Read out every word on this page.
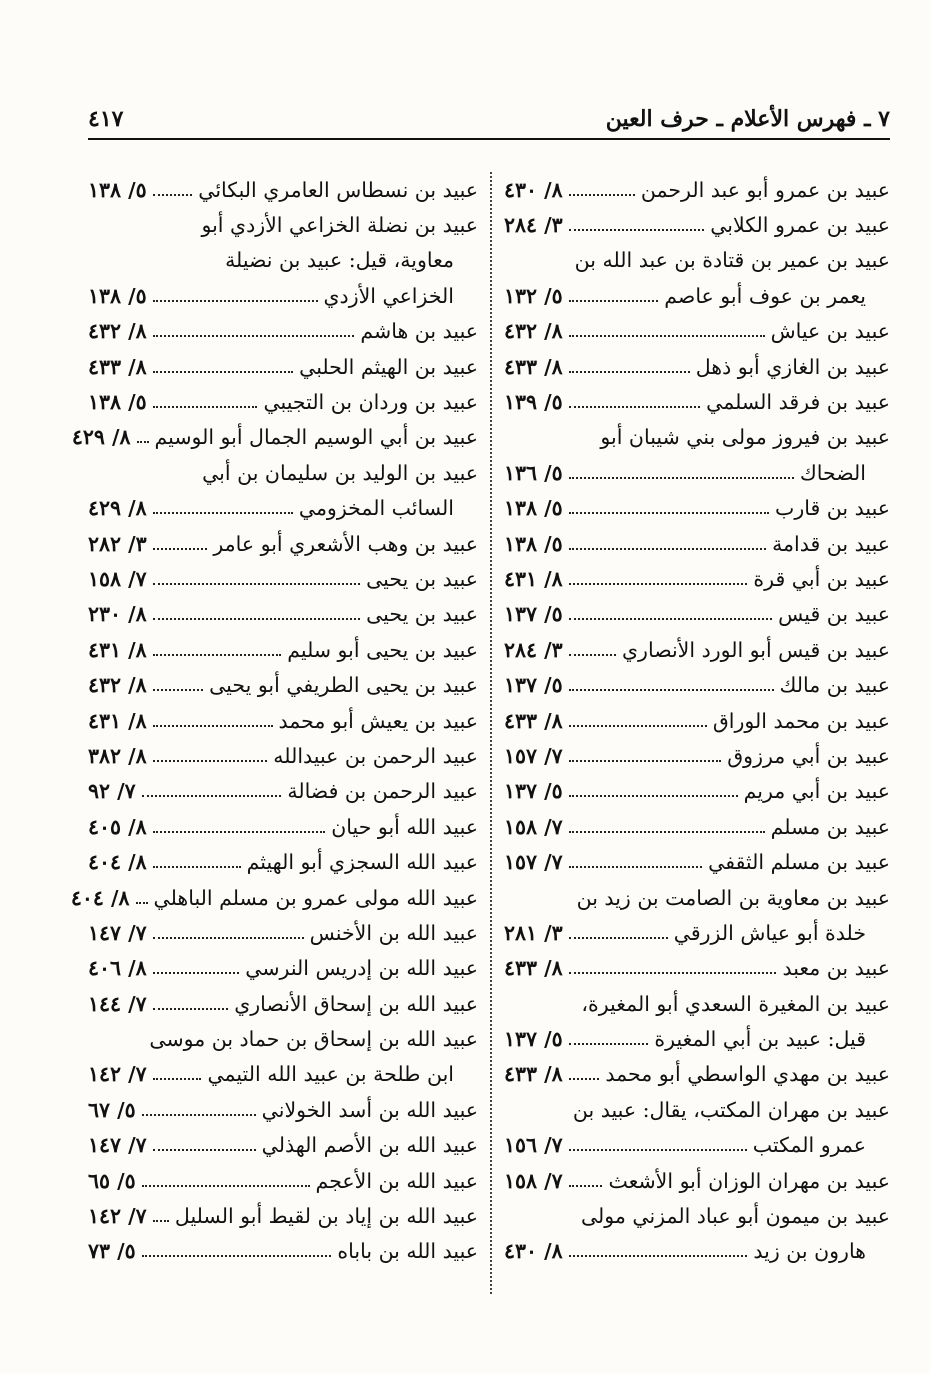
٧ ـ فهرس الأعلام ـ حرف العين
٤١٧
عبيد بن عمرو أبو عبد الرحمن
٨/ ٤٣٠
عبيد بن عمرو الكلابي
٣/ ٢٨٤
عبيد بن عمير بن قتادة بن عبد الله بن
يعمر بن عوف أبو عاصم
٥/ ١٣٢
عبيد بن عياش
٨/ ٤٣٢
عبيد بن الغازي أبو ذهل
٨/ ٤٣٣
عبيد بن فرقد السلمي
٥/ ١٣٩
عبيد بن فيروز مولى بني شيبان أبو
الضحاك
٥/ ١٣٦
عبيد بن قارب
٥/ ١٣٨
عبيد بن قدامة
٥/ ١٣٨
عبيد بن أبي قرة
٨/ ٤٣١
عبيد بن قيس
٥/ ١٣٧
عبيد بن قيس أبو الورد الأنصاري
٣/ ٢٨٤
عبيد بن مالك
٥/ ١٣٧
عبيد بن محمد الوراق
٨/ ٤٣٣
عبيد بن أبي مرزوق
٧/ ١٥٧
عبيد بن أبي مريم
٥/ ١٣٧
عبيد بن مسلم
٧/ ١٥٨
عبيد بن مسلم الثقفي
٧/ ١٥٧
عبيد بن معاوية بن الصامت بن زيد بن
خلدة أبو عياش الزرقي
٣/ ٢٨١
عبيد بن معبد
٨/ ٤٣٣
عبيد بن المغيرة السعدي أبو المغيرة،
قيل: عبيد بن أبي المغيرة
٥/ ١٣٧
عبيد بن مهدي الواسطي أبو محمد
٨/ ٤٣٣
عبيد بن مهران المكتب، يقال: عبيد بن
عمرو المكتب
٧/ ١٥٦
عبيد بن مهران الوزان أبو الأشعث
٧/ ١٥٨
عبيد بن ميمون أبو عباد المزني مولى
هارون بن زيد
٨/ ٤٣٠
عبيد بن نسطاس العامري البكائي
٥/ ١٣٨
عبيد بن نضلة الخزاعي الأزدي أبو
معاوية، قيل: عبيد بن نضيلة
الخزاعي الأزدي
٥/ ١٣٨
عبيد بن هاشم
٨/ ٤٣٢
عبيد بن الهيثم الحلبي
٨/ ٤٣٣
عبيد بن وردان بن التجيبي
٥/ ١٣٨
عبيد بن أبي الوسيم الجمال أبو الوسيم
٨/ ٤٢٩
عبيد بن الوليد بن سليمان بن أبي
السائب المخزومي
٨/ ٤٢٩
عبيد بن وهب الأشعري أبو عامر
٣/ ٢٨٢
عبيد بن يحيى
٧/ ١٥٨
عبيد بن يحيى
٨/ ٢٣٠
عبيد بن يحيى أبو سليم
٨/ ٤٣١
عبيد بن يحيى الطريفي أبو يحيى
٨/ ٤٣٢
عبيد بن يعيش أبو محمد
٨/ ٤٣١
عبيد الرحمن بن عبيدالله
٨/ ٣٨٢
عبيد الرحمن بن فضالة
٧/ ٩٢
عبيد الله أبو حيان
٨/ ٤٠٥
عبيد الله السجزي أبو الهيثم
٨/ ٤٠٤
عبيد الله مولى عمرو بن مسلم الباهلي
٨/ ٤٠٤
عبيد الله بن الأخنس
٧/ ١٤٧
عبيد الله بن إدريس النرسي
٨/ ٤٠٦
عبيد الله بن إسحاق الأنصاري
٧/ ١٤٤
عبيد الله بن إسحاق بن حماد بن موسى
ابن طلحة بن عبيد الله التيمي
٧/ ١٤٢
عبيد الله بن أسد الخولاني
٥/ ٦٧
عبيد الله بن الأصم الهذلي
٧/ ١٤٧
عبيد الله بن الأعجم
٥/ ٦٥
عبيد الله بن إياد بن لقيط أبو السليل
٧/ ١٤٢
عبيد الله بن باباه
٥/ ٧٣
